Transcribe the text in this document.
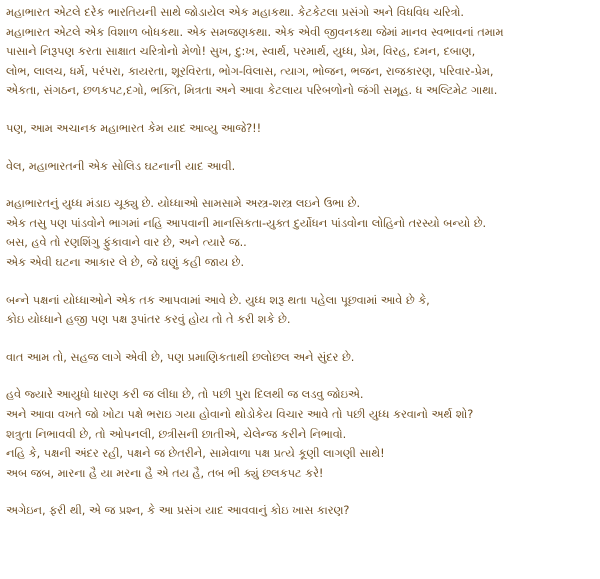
મહાભારત એટલે દરેક ભારતિયની સાથે જોડાયેલ એક મહાકથા. કેટકેટલા પ્રસંગો અને વિધવિધ ચરિત્રો.
મહાભારત એટલે એક વિશાળ બોધકથા. એક સમજણકથા. એક એવી જીવનકથા જેમાં માનવ સ્વભાવનાં તમામ
પાસાને નિરૂપણ કરતા સાક્ષાત ચરિત્રોનો મેળો! સુખ, દુ:ખ, સ્વાર્થ, પરમાર્થ, યુધ્ધ, પ્રેમ, વિરહ, દમન, દબાણ,
લોભ, લાલચ, ધર્મ, પરંપરા, કાયરતા, શૂરવિરતા, ભોગ-વિલાસ, ત્યાગ, ભોજન, ભજન, રાજકારણ, પરિવાર-પ્રેમ,
એકતા, સંગઠન, છળકપટ,દગો, ભક્તિ, મિત્રતા અને આવા કેટલાય પરિબળોનો જંગી સમૂહ. ધ અલ્ટિમેટ ગાથા.
પણ, આમ અચાનક મહાભારત કેમ યાદ આવ્યુ આજે?!!
વેલ, મહાભારતની એક સોલિડ ઘટનાની યાદ આવી.
મહાભારતનું યુધ્ધ મંડાઇ ચૂક્યુ છે. યોધ્ધાઓ સામસામે અસ્ત્ર-શસ્ત્ર લઇને ઉભા છે.
એક તસુ પણ પાંડવોને ભાગમાં નહિ આપવાની માનસિકતા-યુક્ત દુર્યોધન પાંડવોના લોહિનો તરસ્યો બન્યો છે.
બસ, હવે તો રણશિંગુ ફુંકાવાને વાર છે, અને ત્યારે જ..
એક એવી ઘટના આકાર લે છે, જે ઘણું કહી જાય છે.
બન્ને પક્ષનાં યોધ્ધાઓને એક તક આપવામાં આવે છે. યુધ્ધ શરૂ થતા પહેલા પૂછવામાં આવે છે કે,
કોઇ યોધ્ધાને હજી પણ પક્ષ રૂપાંતર કરવું હોય તો તે કરી શકે છે.
વાત આમ તો, સહજ લાગે એવી છે, પણ પ્રમાણિકતાથી છલોછલ અને સુંદર છે.
હવે જ્યારે આયુધો ધારણ કરી જ લીધા છે, તો પછી પુરા દિલથી જ લડવુ જોઇએ.
અને આવા વખતે જો ખોટા પક્ષે ભરાઇ ગયા હોવાનો થોડોકેય વિચાર આવે તો પછી યુધ્ધ કરવાનો અર્થ શો?
શત્રુતા નિભાવવી છે, તો ઓપનલી, છત્રીસની છાતીએ, ચેલેન્જ કરીને નિભાવો.
નહિ કે, પક્ષની અંદર રહી, પક્ષને જ છેતરીને, સામેવાળા પક્ષ પ્રત્યે કૂણી લાગણી સાથે!
અબ જબ, મારના હૈ યા મરના હૈ એ તય હૈ, તબ ભી ક્યું છલકપટ કરે!
અગેઇન, ફરી થી, એ જ પ્રશ્ન, કે આ પ્રસંગ યાદ આવવાનું કોઇ ખાસ કારણ?
